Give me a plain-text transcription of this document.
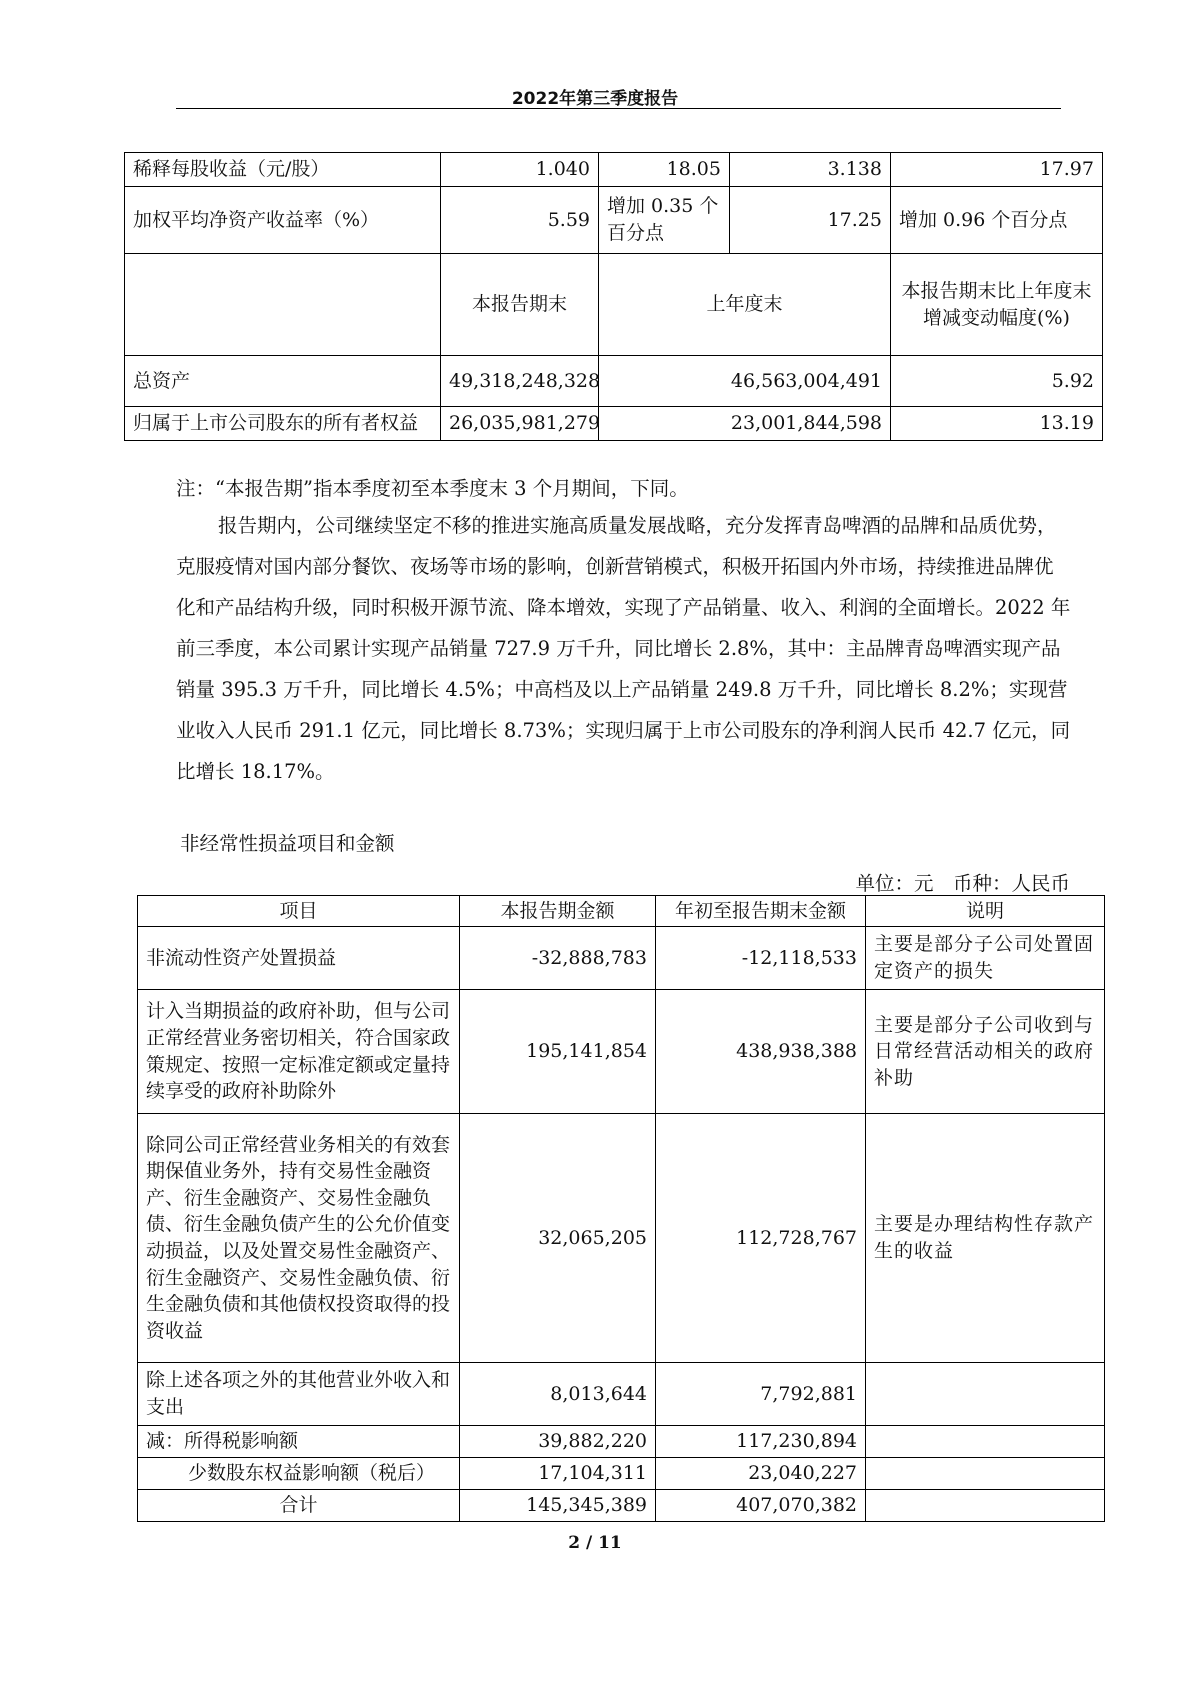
2022年第三季度报告
稀释每股收益（元/股）	1.040	18.05	3.138	17.97
加权平均净资产收益率（%）	5.59	增加 0.35 个百分点	17.25	增加 0.96 个百分点
	本报告期末	上年度末		本报告期末比上年度末增减变动幅度(%)
总资产	49,318,248,328	46,563,004,491		5.92
归属于上市公司股东的所有者权益	26,035,981,279	23,001,844,598		13.19
注：“本报告期”指本季度初至本季度末 3 个月期间，下同。
报告期内，公司继续坚定不移的推进实施高质量发展战略，充分发挥青岛啤酒的品牌和品质优势，克服疫情对国内部分餐饮、夜场等市场的影响，创新营销模式，积极开拓国内外市场，持续推进品牌优化和产品结构升级，同时积极开源节流、降本增效，实现了产品销量、收入、利润的全面增长。2022 年前三季度，本公司累计实现产品销量 727.9 万千升，同比增长 2.8%，其中：主品牌青岛啤酒实现产品销量 395.3 万千升，同比增长 4.5%；中高档及以上产品销量 249.8 万千升，同比增长 8.2%；实现营业收入人民币 291.1 亿元，同比增长 8.73%；实现归属于上市公司股东的净利润人民币 42.7 亿元，同比增长 18.17%。
非经常性损益项目和金额
单位：元　币种：人民币
项目	本报告期金额	年初至报告期末金额	说明
非流动性资产处置损益	-32,888,783	-12,118,533	主要是部分子公司处置固定资产的损失
计入当期损益的政府补助，但与公司正常经营业务密切相关，符合国家政策规定、按照一定标准定额或定量持续享受的政府补助除外	195,141,854	438,938,388	主要是部分子公司收到与日常经营活动相关的政府补助
除同公司正常经营业务相关的有效套期保值业务外，持有交易性金融资产、衍生金融资产、交易性金融负债、衍生金融负债产生的公允价值变动损益，以及处置交易性金融资产、衍生金融资产、交易性金融负债、衍生金融负债和其他债权投资取得的投资收益	32,065,205	112,728,767	主要是办理结构性存款产生的收益
除上述各项之外的其他营业外收入和支出	8,013,644	7,792,881	
减：所得税影响额	39,882,220	117,230,894	
少数股东权益影响额（税后）	17,104,311	23,040,227	
合计	145,345,389	407,070,382	
2 / 11
